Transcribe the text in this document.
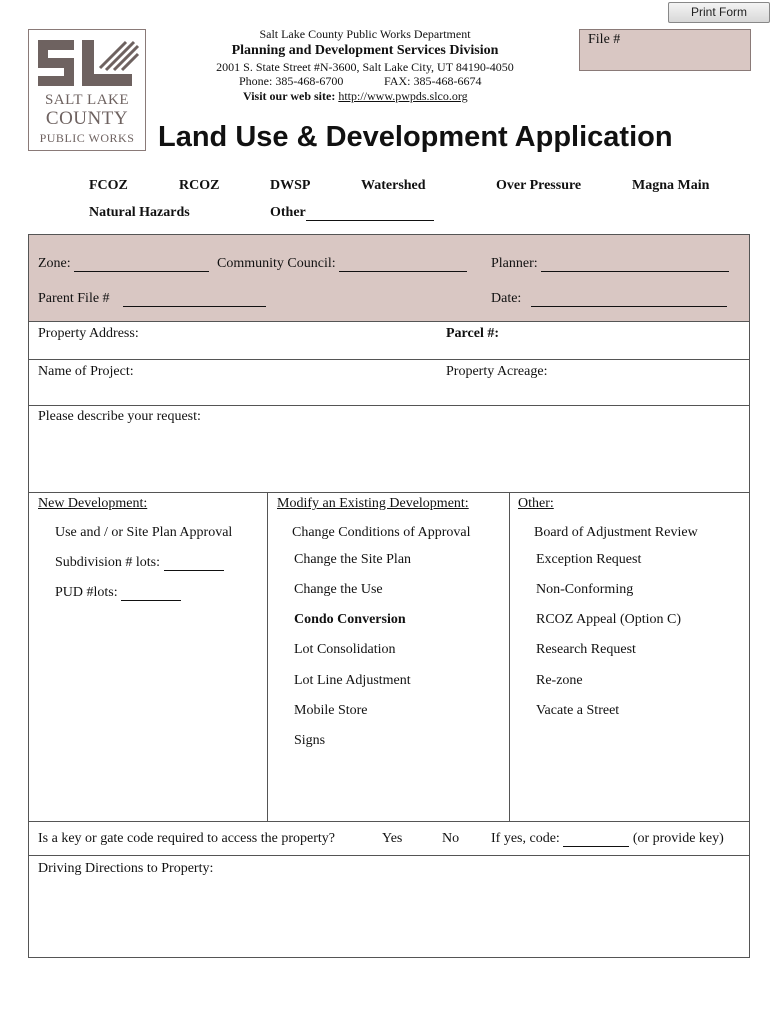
Print Form
SALT LAKE
COUNTY
PUBLIC WORKS
Salt Lake County Public Works Department
Planning and Development Services Division
2001 S. State Street #N-3600, Salt Lake City, UT 84190-4050
Phone: 385-468-6700	FAX: 385-468-6674
Visit our web site: http://www.pwpds.slco.org
File #
Land Use & Development Application
FCOZ	RCOZ	DWSP	Watershed	Over Pressure	Magna Main
Natural Hazards	Other
Zone:	Community Council:	Planner:
Parent File #	Date:
Property Address:	Parcel #:
Name of Project:	Property Acreage:
Please describe your request:
New Development:
Use and / or Site Plan Approval
Subdivision # lots:
PUD #lots:
Modify an Existing Development:
Change Conditions of Approval
Change the Site Plan
Change the Use
Condo Conversion
Lot Consolidation
Lot Line Adjustment
Mobile Store
Signs
Other:
Board of Adjustment Review
Exception Request
Non-Conforming
RCOZ Appeal (Option C)
Research Request
Re-zone
Vacate a Street
Is a key or gate code required to access the property?	Yes	No If yes, code:	(or provide key)
Driving Directions to Property:
